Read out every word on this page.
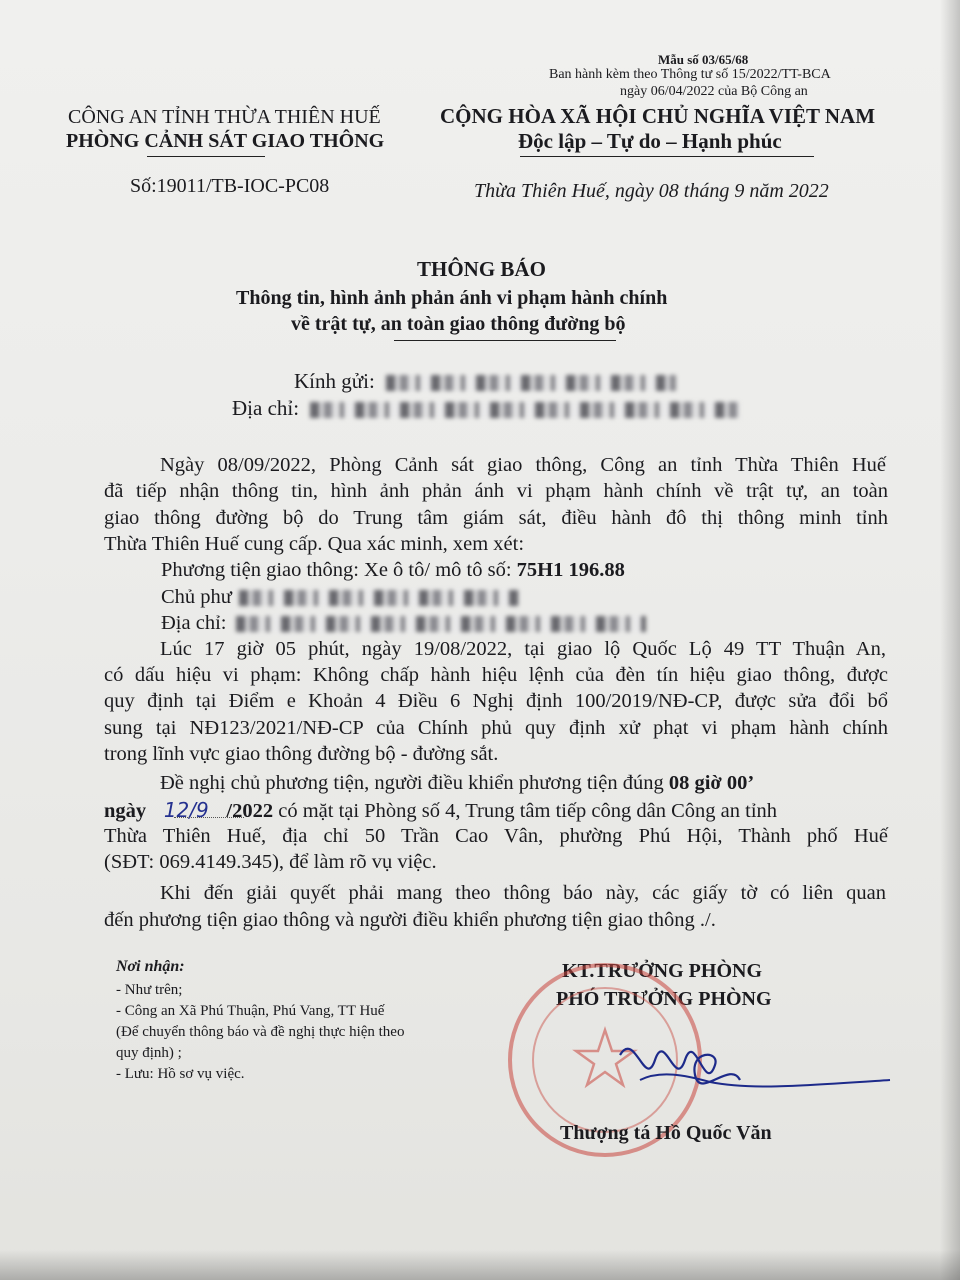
Mẫu số 03/65/68
Ban hành kèm theo Thông tư số 15/2022/TT-BCA
ngày 06/04/2022 của Bộ Công an
CÔNG AN TỈNH THỪA THIÊN HUẾ
PHÒNG CẢNH SÁT GIAO THÔNG
Số:19011/TB-IOC-PC08
CỘNG HÒA XÃ HỘI CHỦ NGHĨA VIỆT NAM
Độc lập – Tự do – Hạnh phúc
Thừa Thiên Huế, ngày 08 tháng 9 năm 2022
THÔNG BÁO
Thông tin, hình ảnh phản ánh vi phạm hành chính
về trật tự, an toàn giao thông đường bộ
Kính gửi:
Địa chỉ:
Ngày 08/09/2022, Phòng Cảnh sát giao thông, Công an tỉnh Thừa Thiên Huế
đã tiếp nhận thông tin, hình ảnh phản ánh vi phạm hành chính về trật tự, an toàn
giao thông đường bộ do Trung tâm giám sát, điều hành đô thị thông minh tỉnh
Thừa Thiên Huế cung cấp. Qua xác minh, xem xét:
Phương tiện giao thông: Xe ô tô/ mô tô số: 75H1 196.88
Chủ phư
Địa chỉ:
Lúc 17 giờ 05 phút, ngày 19/08/2022, tại giao lộ Quốc Lộ 49 TT Thuận An,
có dấu hiệu vi phạm: Không chấp hành hiệu lệnh của đèn tín hiệu giao thông, được
quy định tại Điểm e Khoản 4 Điều 6 Nghị định 100/2019/NĐ-CP, được sửa đổi bổ
sung tại NĐ123/2021/NĐ-CP của Chính phủ quy định xử phạt vi phạm hành chính
trong lĩnh vực giao thông đường bộ - đường sắt.
Đề nghị chủ phương tiện, người điều khiển phương tiện đúng 08 giờ 00’
ngày 12/9 /2022 có mặt tại Phòng số 4, Trung tâm tiếp công dân Công an tỉnh
Thừa Thiên Huế, địa chỉ 50 Trần Cao Vân, phường Phú Hội, Thành phố Huế
(SĐT: 069.4149.345), để làm rõ vụ việc.
Khi đến giải quyết phải mang theo thông báo này, các giấy tờ có liên quan
đến phương tiện giao thông và người điều khiển phương tiện giao thông ./.
Nơi nhận:
- Như trên;
- Công an Xã Phú Thuận, Phú Vang, TT Huế
(Để chuyển thông báo và đề nghị thực hiện theo
quy định) ;
- Lưu: Hồ sơ vụ việc.
KT.TRƯỞNG PHÒNG
PHÓ TRƯỞNG PHÒNG
Thượng tá Hồ Quốc Văn
